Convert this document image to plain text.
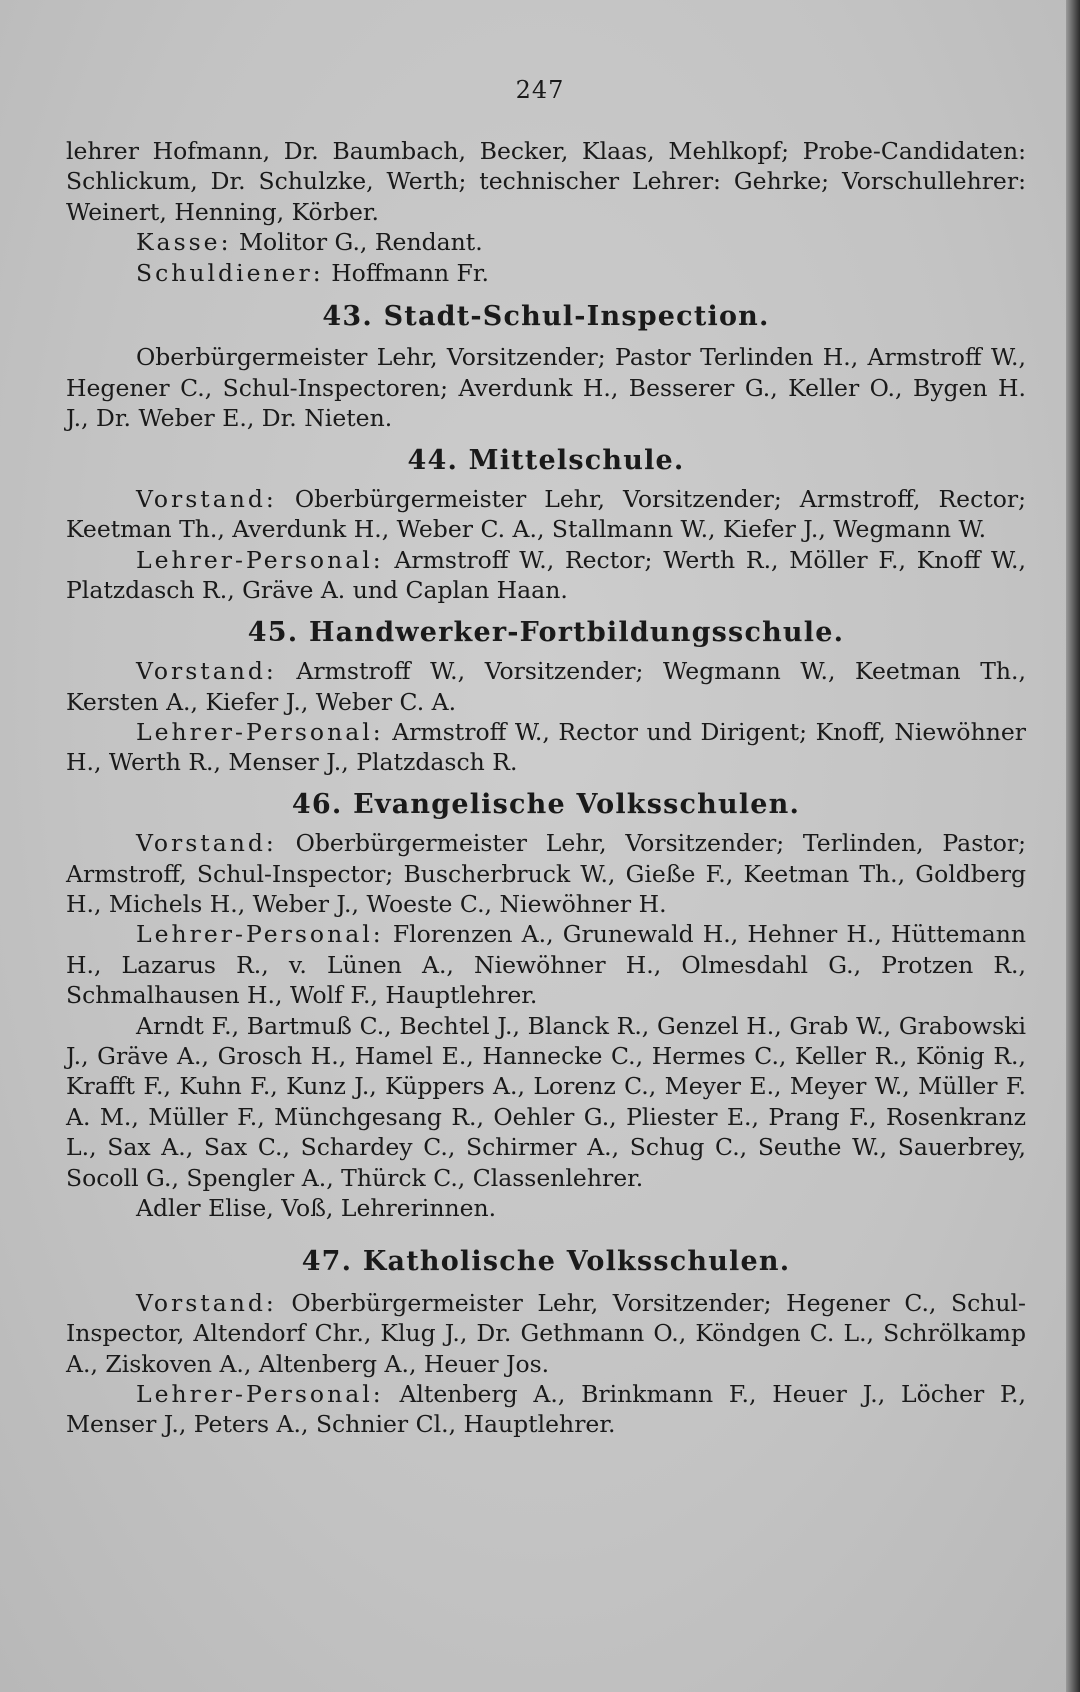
247

lehrer Hofmann, Dr. Baumbach, Becker, Klaas, Mehlkopf; Probe-Candidaten: Schlickum, Dr. Schulzke, Werth; technischer Lehrer: Gehrke; Vorschullehrer: Weinert, Henning, Körber.

Kasse: Molitor G., Rendant.

Schuldiener: Hoffmann Fr.

43. Stadt-Schul-Inspection.

Oberbürgermeister Lehr, Vorsitzender; Pastor Terlinden H., Armstroff W., Hegener C., Schul-Inspectoren; Averdunk H., Besserer G., Keller O., Bygen H. J., Dr. Weber E., Dr. Nieten.

44. Mittelschule.

Vorstand: Oberbürgermeister Lehr, Vorsitzender; Armstroff, Rector; Keetman Th., Averdunk H., Weber C. A., Stallmann W., Kiefer J., Wegmann W.

Lehrer-Personal: Armstroff W., Rector; Werth R., Möller F., Knoff W., Platzdasch R., Gräve A. und Caplan Haan.

45. Handwerker-Fortbildungsschule.

Vorstand: Armstroff W., Vorsitzender; Wegmann W., Keetman Th., Kersten A., Kiefer J., Weber C. A.

Lehrer-Personal: Armstroff W., Rector und Dirigent; Knoff, Niewöhner H., Werth R., Menser J., Platzdasch R.

46. Evangelische Volksschulen.

Vorstand: Oberbürgermeister Lehr, Vorsitzender; Terlinden, Pastor; Armstroff, Schul-Inspector; Buscherbruck W., Gieße F., Keetman Th., Goldberg H., Michels H., Weber J., Woeste C., Niewöhner H.

Lehrer-Personal: Florenzen A., Grunewald H., Hehner H., Hüttemann H., Lazarus R., v. Lünen A., Niewöhner H., Olmesdahl G., Protzen R., Schmalhausen H., Wolf F., Hauptlehrer.

Arndt F., Bartmuß C., Bechtel J., Blanck R., Genzel H., Grab W., Grabowski J., Gräve A., Grosch H., Hamel E., Hannecke C., Hermes C., Keller R., König R., Krafft F., Kuhn F., Kunz J., Küppers A., Lorenz C., Meyer E., Meyer W., Müller F. A. M., Müller F., Münchgesang R., Oehler G., Pliester E., Prang F., Rosenkranz L., Sax A., Sax C., Schardey C., Schirmer A., Schug C., Seuthe W., Sauerbrey, Socoll G., Spengler A., Thürck C., Classenlehrer.

Adler Elise, Voß, Lehrerinnen.

47. Katholische Volksschulen.

Vorstand: Oberbürgermeister Lehr, Vorsitzender; Hegener C., Schul-Inspector, Altendorf Chr., Klug J., Dr. Gethmann O., Köndgen C. L., Schrölkamp A., Ziskoven A., Altenberg A., Heuer Jos.

Lehrer-Personal: Altenberg A., Brinkmann F., Heuer J., Löcher P., Menser J., Peters A., Schnier Cl., Hauptlehrer.
